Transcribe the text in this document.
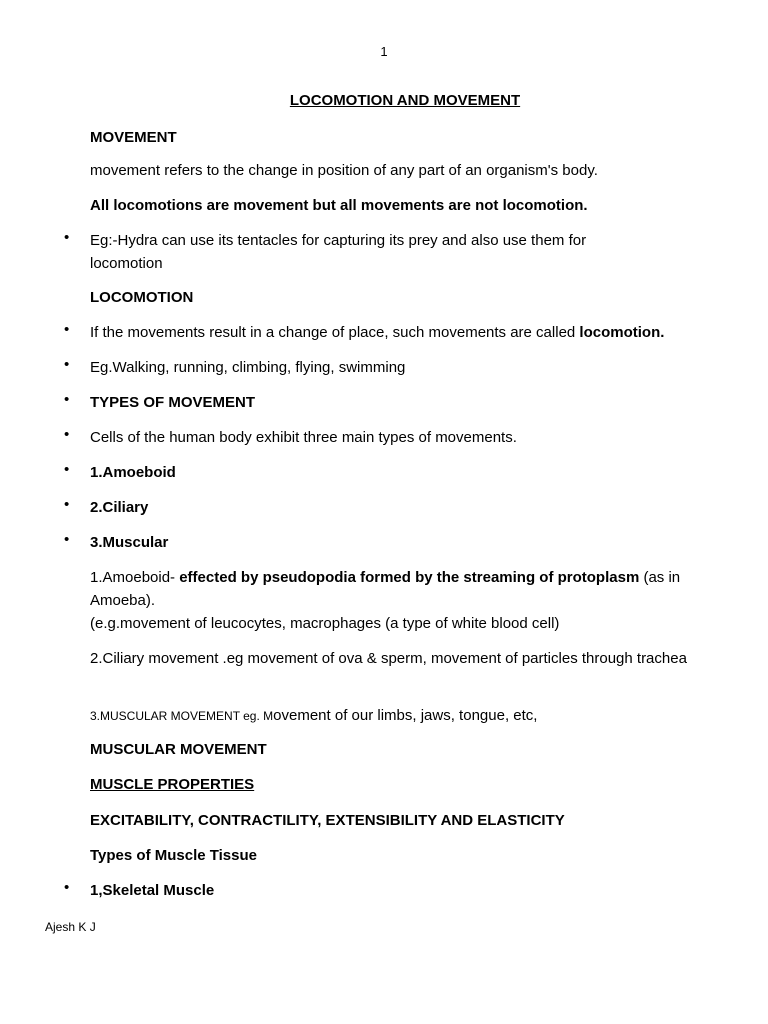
1
LOCOMOTION AND MOVEMENT
MOVEMENT
movement refers to the change in position of any part of an organism's body.
All locomotions are movement but all movements are not locomotion.
• Eg:-Hydra can use its tentacles for capturing its prey and also use them for locomotion
LOCOMOTION
• If the movements result in a change of place, such movements are called locomotion.
• Eg.Walking, running, climbing, flying, swimming
• TYPES OF MOVEMENT
• Cells of the human body exhibit three main types of movements.
• 1.Amoeboid
• 2.Ciliary
• 3.Muscular
1.Amoeboid- effected by pseudopodia formed by the streaming of protoplasm (as in Amoeba).
(e.g.movement of leucocytes, macrophages (a type of white blood cell)
2.Ciliary movement .eg movement of ova & sperm, movement of particles through trachea
3.MUSCULAR MOVEMENT eg. Movement of our limbs, jaws, tongue, etc,
MUSCULAR MOVEMENT
MUSCLE PROPERTIES
EXCITABILITY, CONTRACTILITY, EXTENSIBILITY AND ELASTICITY
Types of Muscle Tissue
• 1,Skeletal Muscle
Ajesh K J
